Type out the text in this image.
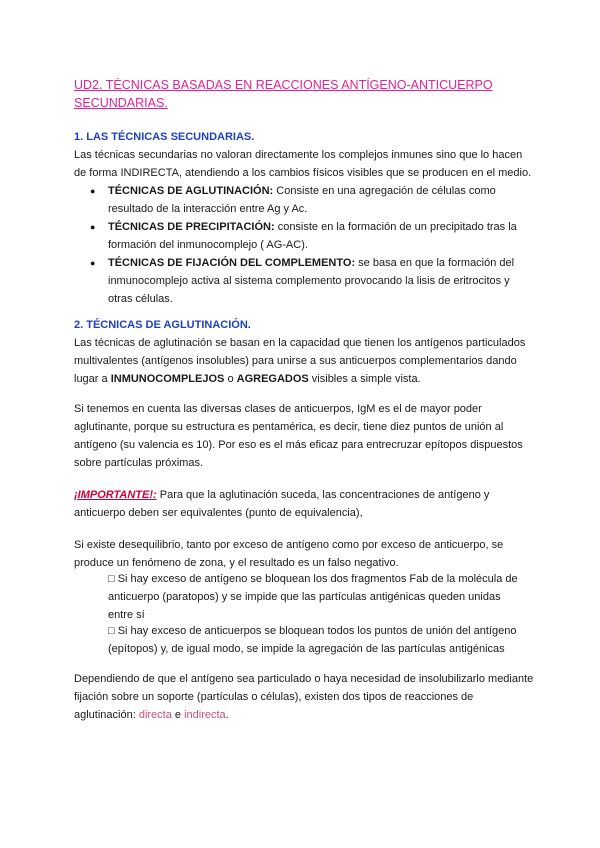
UD2. TÉCNICAS BASADAS EN REACCIONES ANTÍGENO-ANTICUERPO SECUNDARIAS.
1. LAS TÉCNICAS SECUNDARIAS.

Las técnicas secundarias no valoran directamente los complejos inmunes sino que lo hacen de forma INDIRECTA, atendiendo a los cambios físicos visibles que se producen en el medio.

● TÉCNICAS DE AGLUTINACIÓN: Consiste en una agregación de células como resultado de la interacción entre Ag y Ac.
● TÉCNICAS DE PRECIPITACIÓN: consiste en la formación de un precipitado tras la formación del inmunocomplejo ( AG-AC).
● TÉCNICAS DE FIJACIÓN DEL COMPLEMENTO: se basa en que la formación del inmunocomplejo activa al sistema complemento provocando la lisis de eritrocitos y otras células.
2. TÉCNICAS DE AGLUTINACIÓN.

Las técnicas de aglutinación se basan en la capacidad que tienen los antígenos particulados multivalentes (antígenos insolubles) para unirse a sus anticuerpos complementarios dando lugar a INMUNOCOMPLEJOS o AGREGADOS visibles a simple vista.

Si tenemos en cuenta las diversas clases de anticuerpos, IgM es el de mayor poder aglutinante, porque su estructura es pentamérica, es decir, tiene diez puntos de unión al antígeno (su valencia es 10). Por eso es el más eficaz para entrecruzar epítopos dispuestos sobre partículas próximas.

¡IMPORTANTE!: Para que la aglutinación suceda, las concentraciones de antígeno y anticuerpo deben ser equivalentes (punto de equivalencia),

Si existe desequilibrio, tanto por exceso de antígeno como por exceso de anticuerpo, se produce un fenómeno de zona, y el resultado es un falso negativo.

□ Si hay exceso de antígeno se bloquean los dos fragmentos Fab de la molécula de anticuerpo (paratopos) y se impide que las partículas antigénicas queden unidas entre sí

□ Si hay exceso de anticuerpos se bloquean todos los puntos de unión del antígeno (epítopos) y, de igual modo, se impide la agregación de las partículas antigénicas

Dependiendo de que el antígeno sea particulado o haya necesidad de insolubilizarlo mediante fijación sobre un soporte (partículas o células), existen dos tipos de reacciones de aglutinación: directa e indirecta.
